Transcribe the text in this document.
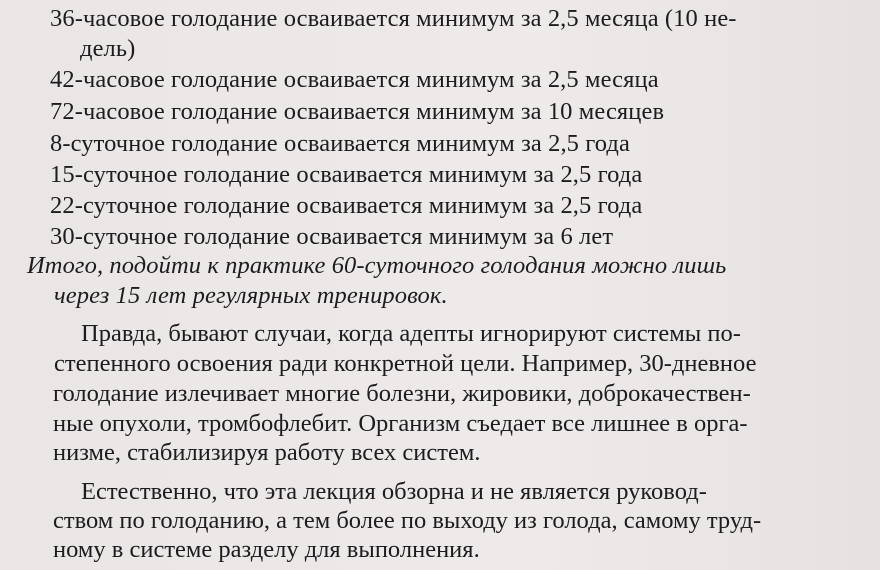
36-часовое голодание осваивается минимум за 2,5 месяца (10 не-
дель)
42-часовое голодание осваивается минимум за 2,5 месяца
72-часовое голодание осваивается минимум за 10 месяцев
8-суточное голодание осваивается минимум за 2,5 года
15-суточное голодание осваивается минимум за 2,5 года
22-суточное голодание осваивается минимум за 2,5 года
30-суточное голодание осваивается минимум за 6 лет
Итого, подойти к практике 60-суточного голодания можно лишь
через 15 лет регулярных тренировок.
Правда, бывают случаи, когда адепты игнорируют системы по-
степенного освоения ради конкретной цели. Например, 30-дневное
голодание излечивает многие болезни, жировики, доброкачествен-
ные опухоли, тромбофлебит. Организм съедает все лишнее в орга-
низме, стабилизируя работу всех систем.
Естественно, что эта лекция обзорна и не является руковод-
ством по голоданию, а тем более по выходу из голода, самому труд-
ному в системе разделу для выполнения.
